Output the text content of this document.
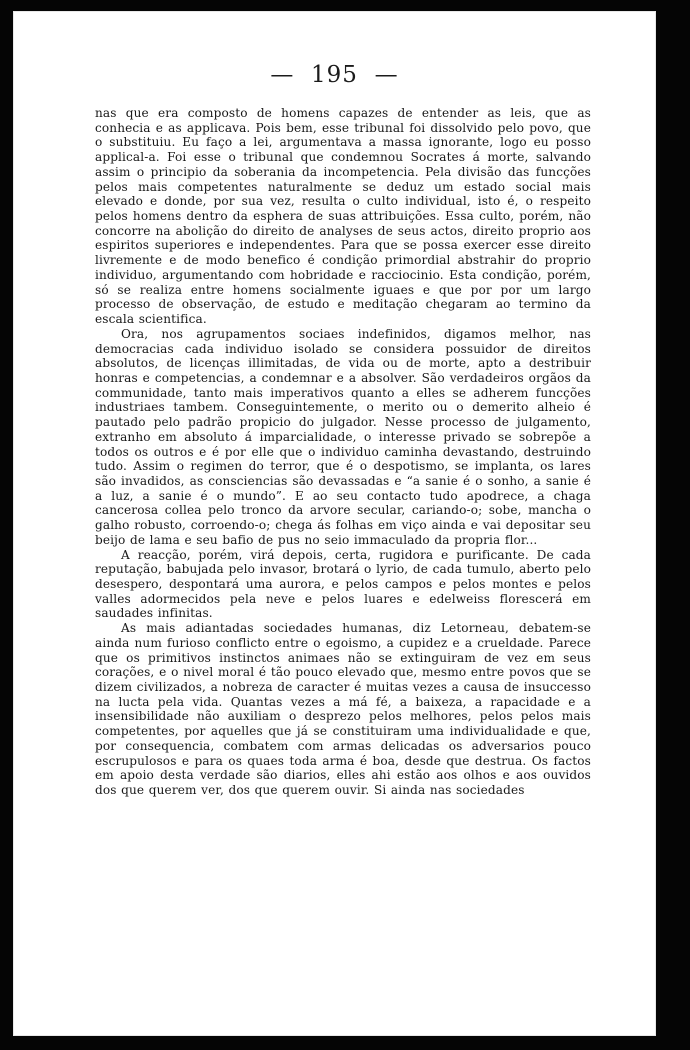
—  195  —

nas que era composto de homens capazes de entender as leis, que as conhecia e as applicava. Pois bem, esse tribunal foi dissolvido pelo povo, que o substituiu. Eu faço a lei, argumentava a massa ignorante, logo eu posso applical-a. Foi esse o tribunal que condemnou Socrates á morte, salvando assim o principio da soberania da incompetencia. Pela divisão das funcções pelos mais competentes naturalmente se deduz um estado social mais elevado e donde, por sua vez, resulta o culto individual, isto é, o respeito pelos homens dentro da esphera de suas attribuições. Essa culto, porém, não concorre na abolição do direito de analyses de seus actos, direito proprio aos espiritos superiores e independentes. Para que se possa exercer esse direito livremente e de modo benefico é condição primordial abstrahir do proprio individuo, argumentando com hobridade e racciocinio. Esta condição, porém, só se realiza entre homens socialmente iguaes e que por por um largo processo de observação, de estudo e meditação chegaram ao termino da escala scientifica.

Ora, nos agrupamentos sociaes indefinidos, digamos melhor, nas democracias cada individuo isolado se considera possuidor de direitos absolutos, de licenças illimitadas, de vida ou de morte, apto a destribuir honras e competencias, a condemnar e a absolver. São verdadeiros orgãos da communidade, tanto mais imperativos quanto a elles se adherem funcções industriaes tambem. Conseguintemente, o merito ou o demerito alheio é pautado pelo padrão propicio do julgador. Nesse processo de julgamento, extranho em absoluto á imparcialidade, o interesse privado se sobrepõe a todos os outros e é por elle que o individuo caminha devastando, destruindo tudo. Assim o regimen do terror, que é o despotismo, se implanta, os lares são invadidos, as consciencias são devassadas e “a sanie é o sonho, a sanie é a luz, a sanie é o mundo”. E ao seu contacto tudo apodrece, a chaga cancerosa collea pelo tronco da arvore secular, cariando-o; sobe, mancha o galho robusto, corroendo-o; chega ás folhas em viço ainda e vai depositar seu beijo de lama e seu bafio de pus no seio immaculado da propria flor...

A reacção, porém, virá depois, certa, rugidora e purificante. De cada reputação, babujada pelo invasor, brotará o lyrio, de cada tumulo, aberto pelo desespero, despontará uma aurora, e pelos campos e pelos montes e pelos valles adormecidos pela neve e pelos luares e edelweiss florescerá em saudades infinitas.

As mais adiantadas sociedades humanas, diz Letorneau, debatem-se ainda num furioso conflicto entre o egoismo, a cupidez e a crueldade. Parece que os primitivos instinctos animaes não se extinguiram de vez em seus corações, e o nivel moral é tão pouco elevado que, mesmo entre povos que se dizem civilizados, a nobreza de caracter é muitas vezes a causa de insuccesso na lucta pela vida. Quantas vezes a má fé, a baixeza, a rapacidade e a insensibilidade não auxiliam o desprezo pelos melhores, pelos pelos mais competentes, por aquelles que já se constituiram uma individualidade e que, por consequencia, combatem com armas delicadas os adversarios pouco escrupulosos e para os quaes toda arma é boa, desde que destrua. Os factos em apoio desta verdade são diarios, elles ahi estão aos olhos e aos ouvidos dos que querem ver, dos que querem ouvir. Si ainda nas sociedades
